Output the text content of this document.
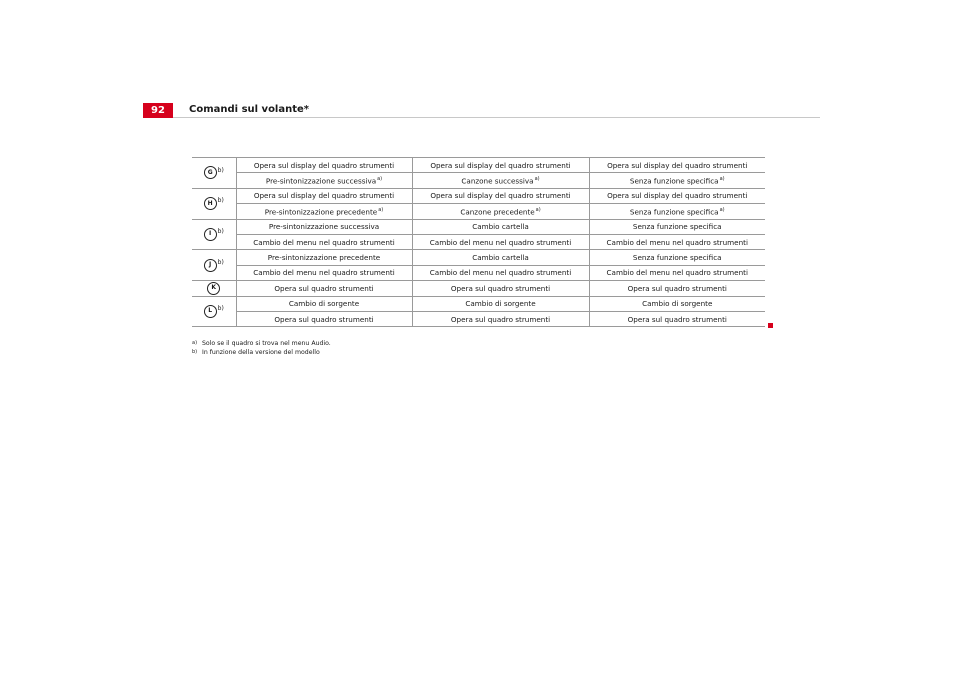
92	Comandi sul volante*
G $^{b)}$	Opera sul display del quadro strumenti	Opera sul display del quadro strumenti	Opera sul display del quadro strumenti
	Pre-sintonizzazione successiva$^{a)}$	Canzone successiva$^{a)}$	Senza funzione specifica$^{a)}$
H $^{b)}$	Opera sul display del quadro strumenti	Opera sul display del quadro strumenti	Opera sul display del quadro strumenti
	Pre-sintonizzazione precedente$^{a)}$	Canzone precedente$^{a)}$	Senza funzione specifica$^{a)}$
I $^{b)}$	Pre-sintonizzazione successiva	Cambio cartella	Senza funzione specifica
	Cambio del menu nel quadro strumenti	Cambio del menu nel quadro strumenti	Cambio del menu nel quadro strumenti
J $^{b)}$	Pre-sintonizzazione precedente	Cambio cartella	Senza funzione specifica
	Cambio del menu nel quadro strumenti	Cambio del menu nel quadro strumenti	Cambio del menu nel quadro strumenti
K	Opera sul quadro strumenti	Opera sul quadro strumenti	Opera sul quadro strumenti
L $^{b)}$	Cambio di sorgente	Cambio di sorgente	Cambio di sorgente
	Opera sul quadro strumenti	Opera sul quadro strumenti	Opera sul quadro strumenti
a) Solo se il quadro si trova nel menu Audio.
b) In funzione della versione del modello
